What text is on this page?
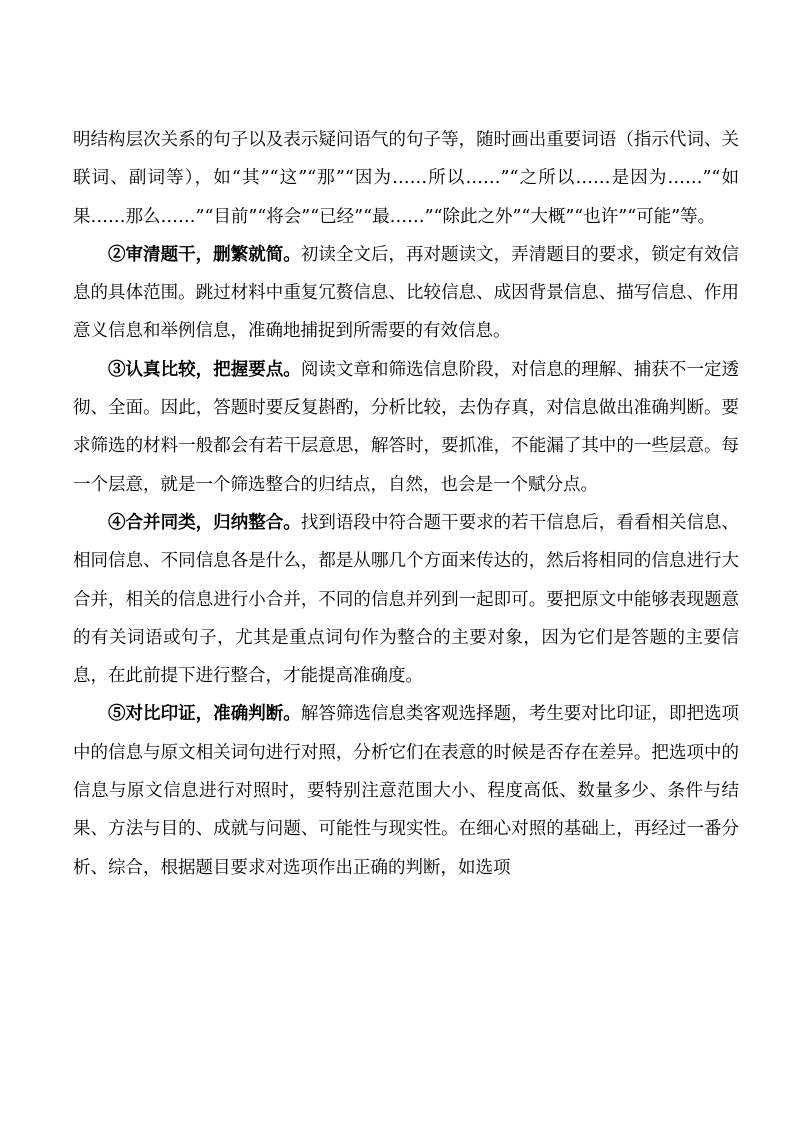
明结构层次关系的句子以及表示疑问语气的句子等，随时画出重要词语（指示代词、关联词、副词等），如“其”“这”“那”“因为……所以……”“之所以……是因为……”“如果……那么……”“目前”“将会”“已经”“最……”“除此之外”“大概”“也许”“可能”等。

②审清题干，删繁就简。初读全文后，再对题读文，弄清题目的要求，锁定有效信息的具体范围。跳过材料中重复冗赘信息、比较信息、成因背景信息、描写信息、作用意义信息和举例信息，准确地捕捉到所需要的有效信息。

③认真比较，把握要点。阅读文章和筛选信息阶段，对信息的理解、捕获不一定透彻、全面。因此，答题时要反复斟酌，分析比较，去伪存真，对信息做出准确判断。要求筛选的材料一般都会有若干层意思，解答时，要抓准，不能漏了其中的一些层意。每一个层意，就是一个筛选整合的归结点，自然，也会是一个赋分点。

④合并同类，归纳整合。找到语段中符合题干要求的若干信息后，看看相关信息、相同信息、不同信息各是什么，都是从哪几个方面来传达的，然后将相同的信息进行大合并，相关的信息进行小合并，不同的信息并列到一起即可。要把原文中能够表现题意的有关词语或句子，尤其是重点词句作为整合的主要对象，因为它们是答题的主要信息，在此前提下进行整合，才能提高准确度。

⑤对比印证，准确判断。解答筛选信息类客观选择题，考生要对比印证，即把选项中的信息与原文相关词句进行对照，分析它们在表意的时候是否存在差异。把选项中的信息与原文信息进行对照时，要特别注意范围大小、程度高低、数量多少、条件与结果、方法与目的、成就与问题、可能性与现实性。在细心对照的基础上，再经过一番分析、综合，根据题目要求对选项作出正确的判断，如选项
